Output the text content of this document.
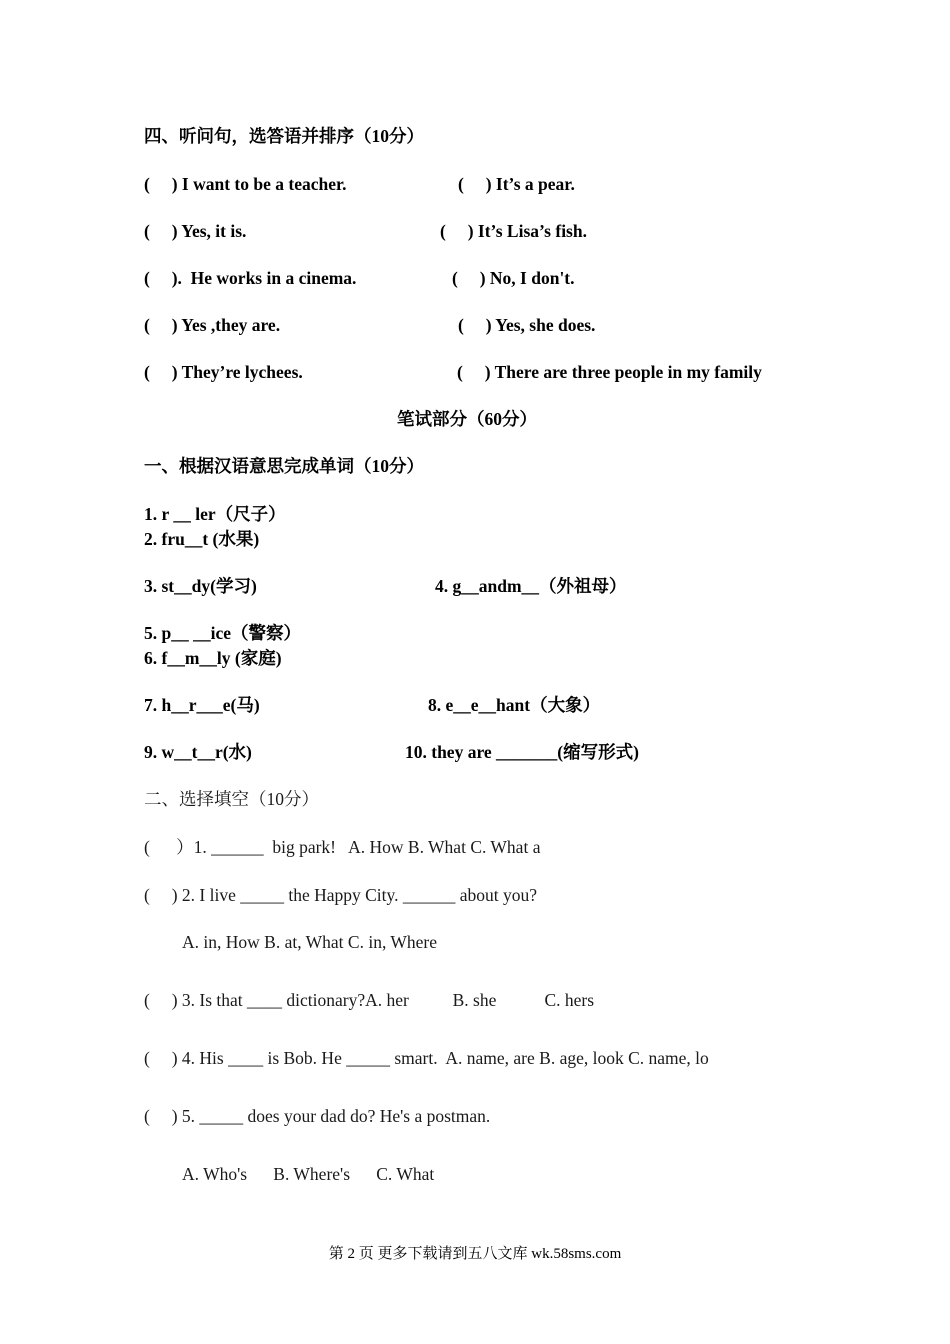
四、听问句，选答语并排序（10分）
(     ) I want to be a teacher.	(     ) It’s a pear.
(     ) Yes, it is.	(     ) It’s Lisa’s fish.
(     ).  He works in a cinema.	(     ) No, I don't.
(     ) Yes ,they are.	(     ) Yes, she does.
(     ) They’re lychees.	(     ) There are three people in my family
笔试部分（60分）
一、根据汉语意思完成单词（10分）
1. r __ ler（尺子）
2. fru__t (水果)
3. st__dy(学习)	4. g__andm__（外祖母）
5. p__ __ice（警察）
6. f__m__ly (家庭)
7. h__r___e(马)	8. e__e__hant（大象）
9. w__t__r(水)	10. they are _______(缩写形式)
二、选择填空（10分）
(      ）1. ______  big park!   A. How B. What C. What a
(     ) 2. I live _____ the Happy City. ______ about you?
A. in, How B. at, What C. in, Where
(     ) 3. Is that ____ dictionary?A. her          B. she           C. hers
(     ) 4. His ____ is Bob. He _____ smart.  A. name, are B. age, look C. name, lo
(     ) 5. _____ does your dad do? He's a postman.
A. Who's      B. Where's      C. What
第 2 页 更多下载请到五八文库 wk.58sms.com
